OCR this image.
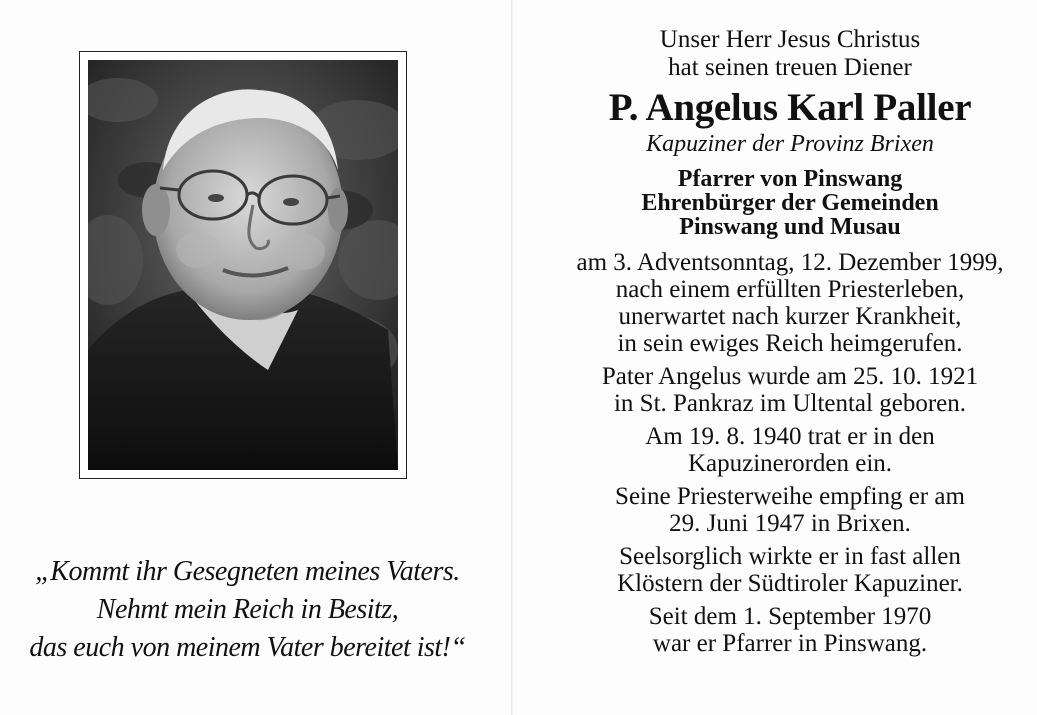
„Kommt ihr Gesegneten meines Vaters.
Nehmt mein Reich in Besitz,
das euch von meinem Vater bereitet ist!“
Unser Herr Jesus Christus
hat seinen treuen Diener
P. Angelus Karl Paller
Kapuziner der Provinz Brixen
Pfarrer von Pinswang
Ehrenbürger der Gemeinden
Pinswang und Musau
am 3. Adventsonntag, 12. Dezember 1999,
nach einem erfüllten Priesterleben,
unerwartet nach kurzer Krankheit,
in sein ewiges Reich heimgerufen.
Pater Angelus wurde am 25. 10. 1921
in St. Pankraz im Ultental geboren.
Am 19. 8. 1940 trat er in den
Kapuzinerorden ein.
Seine Priesterweihe empfing er am
29. Juni 1947 in Brixen.
Seelsorglich wirkte er in fast allen
Klöstern der Südtiroler Kapuziner.
Seit dem 1. September 1970
war er Pfarrer in Pinswang.
